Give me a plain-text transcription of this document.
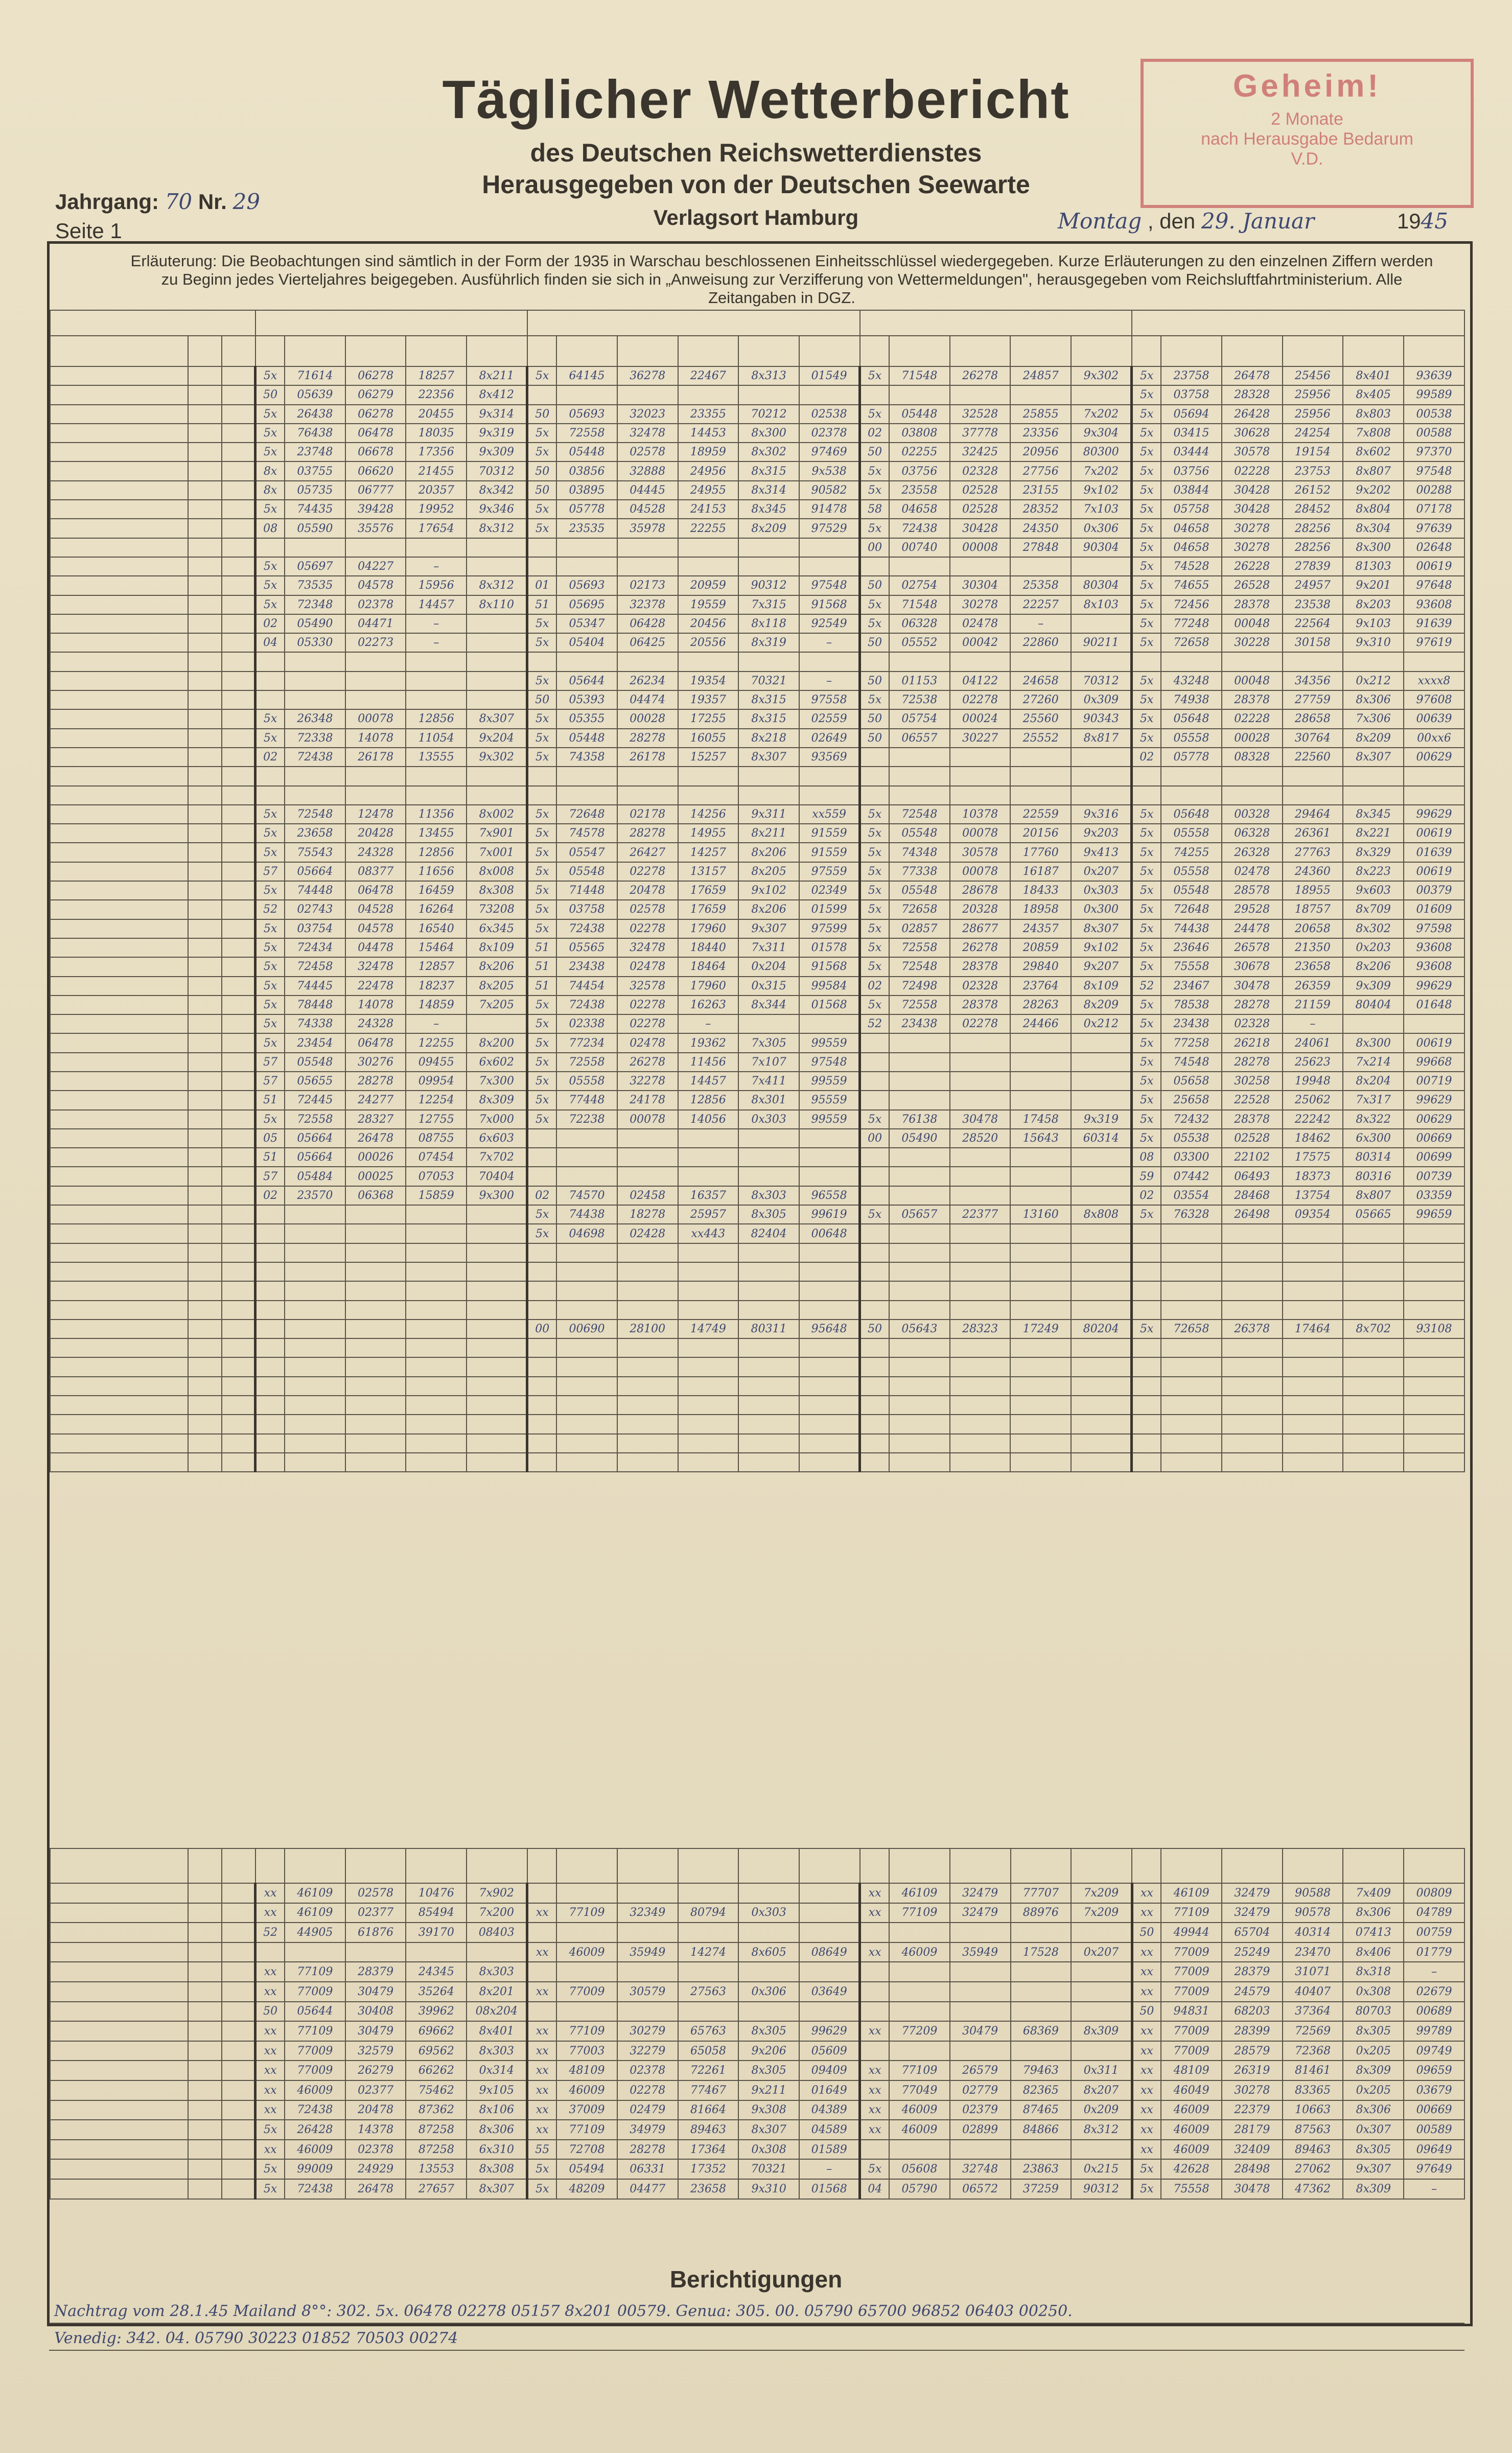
Täglicher Wetterbericht
des Deutschen Reichswetterdienstes
Herausgegeben von der Deutschen Seewarte
Verlagsort Hamburg
Jahrgang: 70 Nr. 29
Seite 1	Montag , den 29. Januar	1945
Geheim!
2 Monate
nach Herausgabe Bedarum
V.D.
Erläuterung: Die Beobachtungen sind sämtlich in der Form der 1935 in Warschau beschlossenen Einheitsschlüssel wiedergegeben. Kurze Erläuterungen zu den einzelnen Ziffern werden zu Beginn jedes Vierteljahres beigegeben. Ausführlich finden sie sich in „Anweisung zur Verzifferung von Wettermeldungen", herausgegeben vom Reichsluftfahrtministerium. Alle Zeitangaben in DGZ.

			5x	71614	06278	18257	8x211	5x	64145	36278	22467	8x313	01549	5x	71548	26278	24857	9x302	5x	23758	26478	25456	8x401	93639
			50	05639	06279	22356	8x412												5x	03758	28328	25956	8x405	99589
			5x	26438	06278	20455	9x314	50	05693	32023	23355	70212	02538	5x	05448	32528	25855	7x202	5x	05694	26428	25956	8x803	00538
			5x	76438	06478	18035	9x319	5x	72558	32478	14453	8x300	02378	02	03808	37778	23356	9x304	5x	03415	30628	24254	7x808	00588
			5x	23748	06678	17356	9x309	5x	05448	02578	18959	8x302	97469	50	02255	32425	20956	80300	5x	03444	30578	19154	8x602	97370
			8x	03755	06620	21455	70312	50	03856	32888	24956	8x315	9x538	5x	03756	02328	27756	7x202	5x	03756	02228	23753	8x807	97548
			8x	05735	06777	20357	8x342	50	03895	04445	24955	8x314	90582	5x	23558	02528	23155	9x102	5x	03844	30428	26152	9x202	00288
			5x	74435	39428	19952	9x346	5x	05778	04528	24153	8x345	91478	58	04658	02528	28352	7x103	5x	05758	30428	28452	8x804	07178
			08	05590	35576	17654	8x312	5x	23535	35978	22255	8x209	97529	5x	72438	30428	24350	0x306	5x	04658	30278	28256	8x304	97639
														00	00740	00008	27848	90304	5x	04658	30278	28256	8x300	02648
			5x	05697	04227	–													5x	74528	26228	27839	81303	00619
			5x	73535	04578	15956	8x312	01	05693	02173	20959	90312	97548	50	02754	30304	25358	80304	5x	74655	26528	24957	9x201	97648
			5x	72348	02378	14457	8x110	51	05695	32378	19559	7x315	91568	5x	71548	30278	22257	8x103	5x	72456	28378	23538	8x203	93608
			02	05490	04471	–		5x	05347	06428	20456	8x118	92549	5x	06328	02478	–		5x	77248	00048	22564	9x103	91639
			04	05330	02273	–		5x	05404	06425	20556	8x319	–	50	05552	00042	22860	90211	5x	72658	30228	30158	9x310	97619

								5x	05644	26234	19354	70321	–	50	01153	04122	24658	70312	5x	43248	00048	34356	0x212	xxxx8
								50	05393	04474	19357	8x315	97558	5x	72538	02278	27260	0x309	5x	74938	28378	27759	8x306	97608
			5x	26348	00078	12856	8x307	5x	05355	00028	17255	8x315	02559	50	05754	00024	25560	90343	5x	05648	02228	28658	7x306	00639
			5x	72338	14078	11054	9x204	5x	05448	28278	16055	8x218	02649	50	06557	30227	25552	8x817	5x	05558	00028	30764	8x209	00xx6
			02	72438	26178	13555	9x302	5x	74358	26178	15257	8x307	93569						02	05778	08328	22560	8x307	00629

			5x	72548	12478	11356	8x002	5x	72648	02178	14256	9x311	xx559	5x	72548	10378	22559	9x316	5x	05648	00328	29464	8x345	99629
			5x	23658	20428	13455	7x901	5x	74578	28278	14955	8x211	91559	5x	05548	00078	20156	9x203	5x	05558	06328	26361	8x221	00619
			5x	75543	24328	12856	7x001	5x	05547	26427	14257	8x206	91559	5x	74348	30578	17760	9x413	5x	74255	26328	27763	8x329	01639
			57	05664	08377	11656	8x008	5x	05548	02278	13157	8x205	97559	5x	77338	00078	16187	0x207	5x	05558	02478	24360	8x223	00619
			5x	74448	06478	16459	8x308	5x	71448	20478	17659	9x102	02349	5x	05548	28678	18433	0x303	5x	05548	28578	18955	9x603	00379
			52	02743	04528	16264	73208	5x	03758	02578	17659	8x206	01599	5x	72658	20328	18958	0x300	5x	72648	29528	18757	8x709	01609
			5x	03754	04578	16540	6x345	5x	72438	02278	17960	9x307	97599	5x	02857	28677	24357	8x307	5x	74438	24478	20658	8x302	97598
			5x	72434	04478	15464	8x109	51	05565	32478	18440	7x311	01578	5x	72558	26278	20859	9x102	5x	23646	26578	21350	0x203	93608
			5x	72458	32478	12857	8x206	51	23438	02478	18464	0x204	91568	5x	72548	28378	29840	9x207	5x	75558	30678	23658	8x206	93608
			5x	74445	22478	18237	8x205	51	74454	32578	17960	0x315	99584	02	72498	02328	23764	8x109	52	23467	30478	26359	9x309	99629
			5x	78448	14078	14859	7x205	5x	72438	02278	16263	8x344	01568	5x	72558	28378	28263	8x209	5x	78538	28278	21159	80404	01648
			5x	74338	24328	–		5x	02338	02278	–			52	23438	02278	24466	0x212	5x	23438	02328	–		
			5x	23454	06478	12255	8x200	5x	77234	02478	19362	7x305	99559						5x	77258	26218	24061	8x300	00619
			57	05548	30276	09455	6x602	5x	72558	26278	11456	7x107	97548						5x	74548	28278	25623	7x214	99668
			57	05655	28278	09954	7x300	5x	05558	32278	14457	7x411	99559						5x	05658	30258	19948	8x204	00719
			51	72445	24277	12254	8x309	5x	77448	24178	12856	8x301	95559						5x	25658	22528	25062	7x317	99629
			5x	72558	28327	12755	7x000	5x	72238	00078	14056	0x303	99559	5x	76138	30478	17458	9x319	5x	72432	28378	22242	8x322	00629
			05	05664	26478	08755	6x603							00	05490	28520	15643	60314	5x	05538	02528	18462	6x300	00669
			51	05664	00026	07454	7x702												08	03300	22102	17575	80314	00699
			57	05484	00025	07053	70404												59	07442	06493	18373	80316	00739
			02	23570	06368	15859	9x300	02	74570	02458	16357	8x303	96558						02	03554	28468	13754	8x807	03359
								5x	74438	18278	25957	8x305	99619	5x	05657	22377	13160	8x808	5x	76328	26498	09354	05665	99659
								5x	04698	02428	xx443	82404	00648											

								00	00690	28100	14749	80311	95648	50	05643	28323	17249	80204	5x	72658	26378	17464	8x702	93108

			xx	46109	02578	10476	7x902							xx	46109	32479	77707	7x209	xx	46109	32479	90588	7x409	00809
			xx	46109	02377	85494	7x200	xx	77109	32349	80794	0x303		xx	77109	32479	88976	7x209	xx	77109	32479	90578	8x306	04789
			52	44905	61876	39170	08403												50	49944	65704	40314	07413	00759
								xx	46009	35949	14274	8x605	08649	xx	46009	35949	17528	0x207	xx	77009	25249	23470	8x406	01779
			xx	77109	28379	24345	8x303												xx	77009	28379	31071	8x318	–
			xx	77009	30479	35264	8x201	xx	77009	30579	27563	0x306	03649						xx	77009	24579	40407	0x308	02679
			50	05644	30408	39962	08x204												50	94831	68203	37364	80703	00689
			xx	77109	30479	69662	8x401	xx	77109	30279	65763	8x305	99629	xx	77209	30479	68369	8x309	xx	77009	28399	72569	8x305	99789
			xx	77009	32579	69562	8x303	xx	77003	32279	65058	9x206	05609						xx	77009	28579	72368	0x205	09749
			xx	77009	26279	66262	0x314	xx	48109	02378	72261	8x305	09409	xx	77109	26579	79463	0x311	xx	48109	26319	81461	8x309	09659
			xx	46009	02377	75462	9x105	xx	46009	02278	77467	9x211	01649	xx	77049	02779	82365	8x207	xx	46049	30278	83365	0x205	03679
			xx	72438	20478	87362	8x106	xx	37009	02479	81664	9x308	04389	xx	46009	02379	87465	0x209	xx	46009	22379	10663	8x306	00669
			5x	26428	14378	87258	8x306	xx	77109	34979	89463	8x307	04589	xx	46009	02899	84866	8x312	xx	46009	28179	87563	0x307	00589
			xx	46009	02378	87258	6x310	55	72708	28278	17364	0x308	01589						xx	46009	32409	89463	8x305	09649
			5x	99009	24929	13553	8x308	5x	05494	06331	17352	70321	–	5x	05608	32748	23863	0x215	5x	42628	28498	27062	9x307	97649
			5x	72438	26478	27657	8x307	5x	48209	04477	23658	9x310	01568	04	05790	06572	37259	90312	5x	75558	30478	47362	8x309	–
Berichtigungen
Nachtrag vom 28.1.45 Mailand 8°°: 302. 5x. 06478 02278 05157 8x201 00579. Genua: 305. 00. 05790 65700 96852 06403 00250.
Venedig: 342. 04. 05790 30223 01852 70503 00274
